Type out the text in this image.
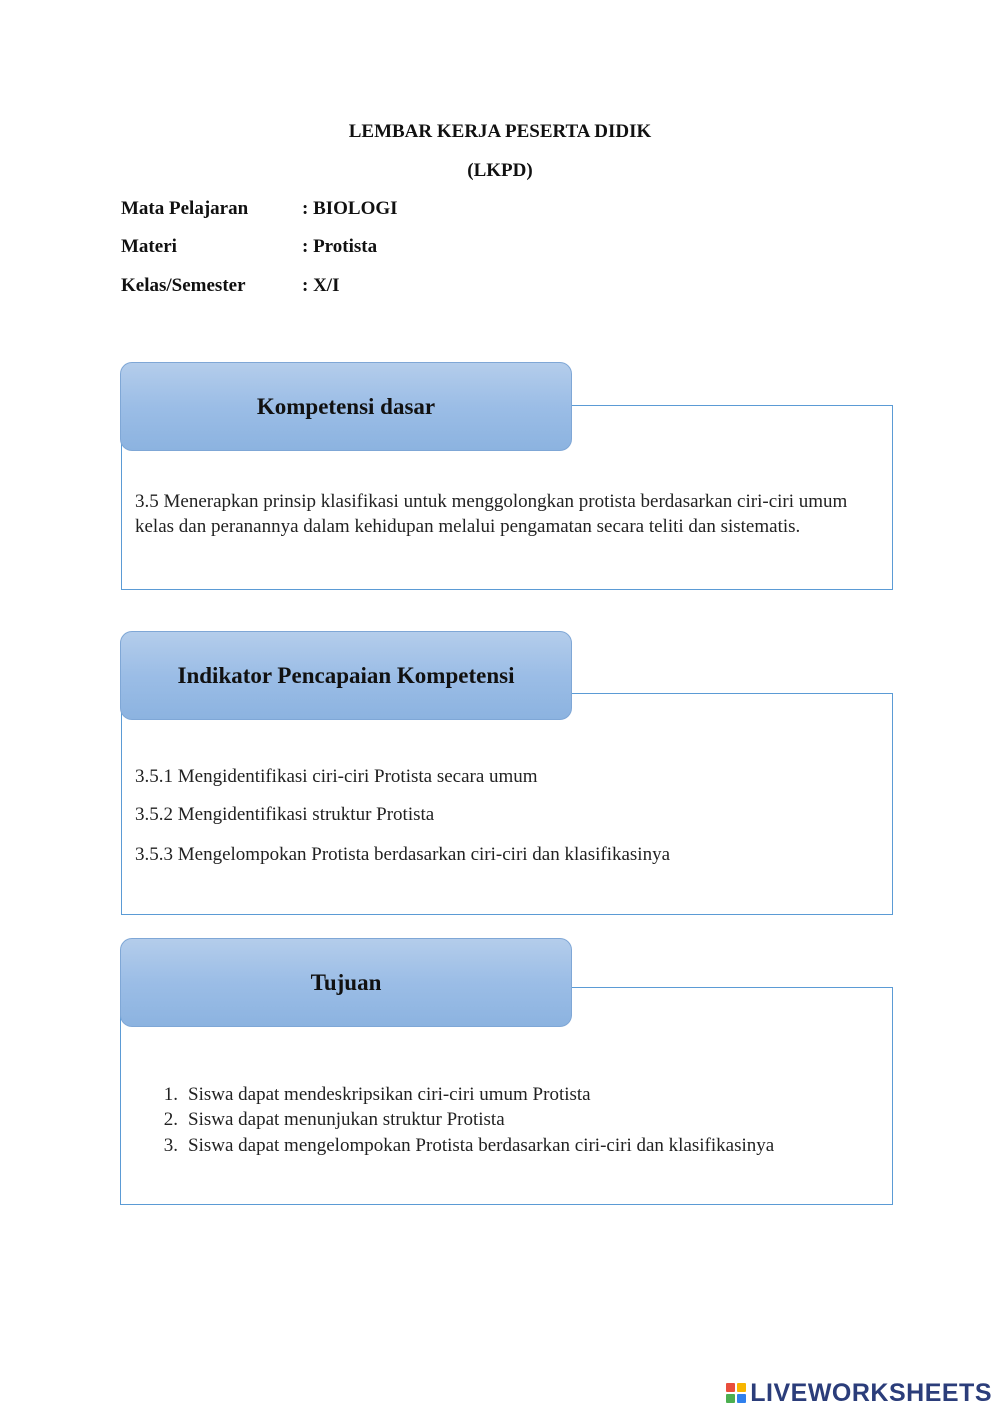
LEMBAR KERJA PESERTA DIDIK
(LKPD)
Mata Pelajaran	: BIOLOGI
Materi	: Protista
Kelas/Semester	: X/I
Kompetensi dasar
3.5 Menerapkan prinsip klasifikasi untuk menggolongkan protista berdasarkan ciri-ciri umum kelas dan peranannya dalam kehidupan melalui pengamatan secara teliti dan sistematis.
Indikator Pencapaian Kompetensi
3.5.1 Mengidentifikasi ciri-ciri Protista secara umum
3.5.2 Mengidentifikasi struktur Protista
3.5.3 Mengelompokan Protista berdasarkan ciri-ciri dan klasifikasinya
Tujuan
1. Siswa dapat mendeskripsikan ciri-ciri umum Protista
2. Siswa dapat menunjukan struktur Protista
3. Siswa dapat mengelompokan Protista berdasarkan ciri-ciri dan klasifikasinya
LIVEWORKSHEETS
